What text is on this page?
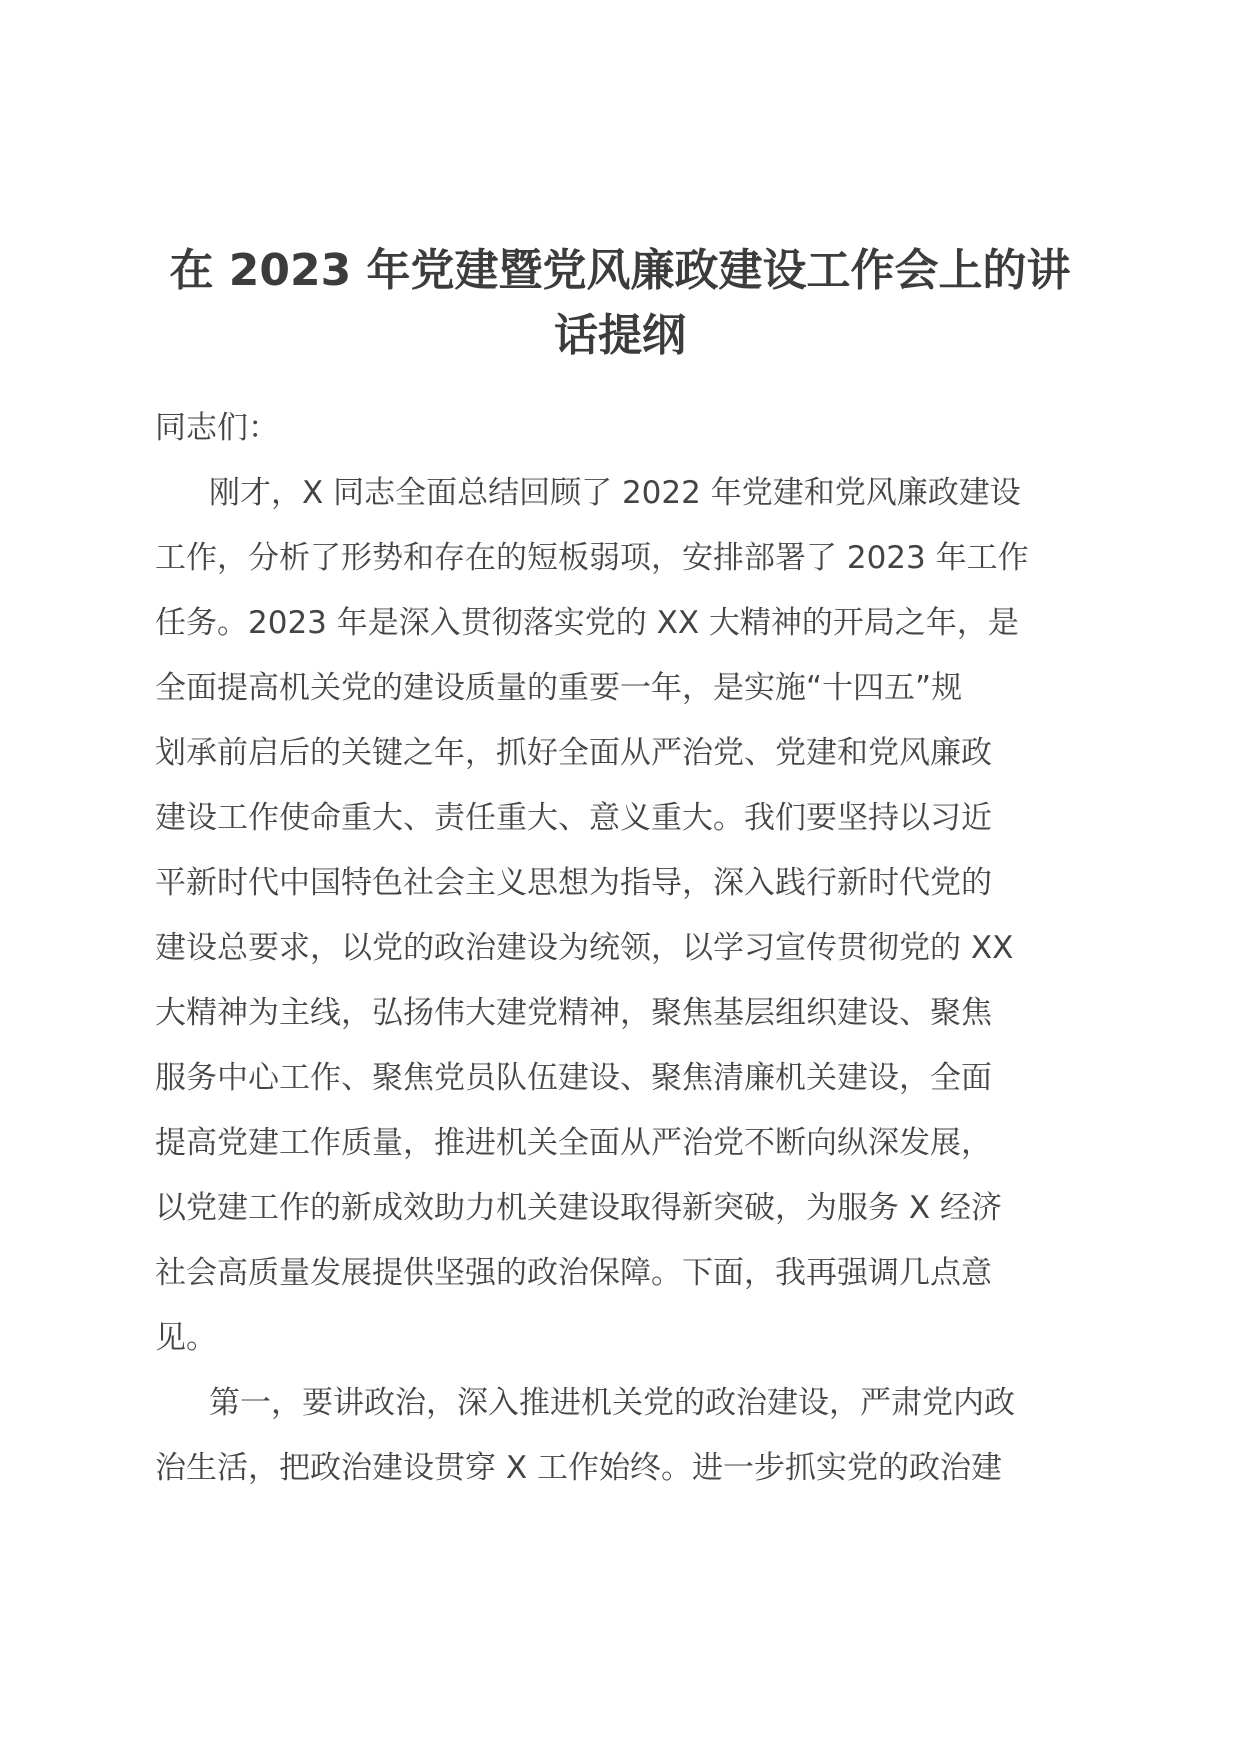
在 2023 年党建暨党风廉政建设工作会上的讲
话提纲

同志们：

刚才，X 同志全面总结回顾了 2022 年党建和党风廉政建设
工作，分析了形势和存在的短板弱项，安排部署了 2023 年工作
任务。2023 年是深入贯彻落实党的 XX 大精神的开局之年，是
全面提高机关党的建设质量的重要一年，是实施“十四五”规
划承前启后的关键之年，抓好全面从严治党、党建和党风廉政
建设工作使命重大、责任重大、意义重大。我们要坚持以习近
平新时代中国特色社会主义思想为指导，深入践行新时代党的
建设总要求，以党的政治建设为统领，以学习宣传贯彻党的 XX
大精神为主线，弘扬伟大建党精神，聚焦基层组织建设、聚焦
服务中心工作、聚焦党员队伍建设、聚焦清廉机关建设，全面
提高党建工作质量，推进机关全面从严治党不断向纵深发展，
以党建工作的新成效助力机关建设取得新突破，为服务 X 经济
社会高质量发展提供坚强的政治保障。下面，我再强调几点意
见。

第一，要讲政治，深入推进机关党的政治建设，严肃党内政
治生活，把政治建设贯穿 X 工作始终。进一步抓实党的政治建
